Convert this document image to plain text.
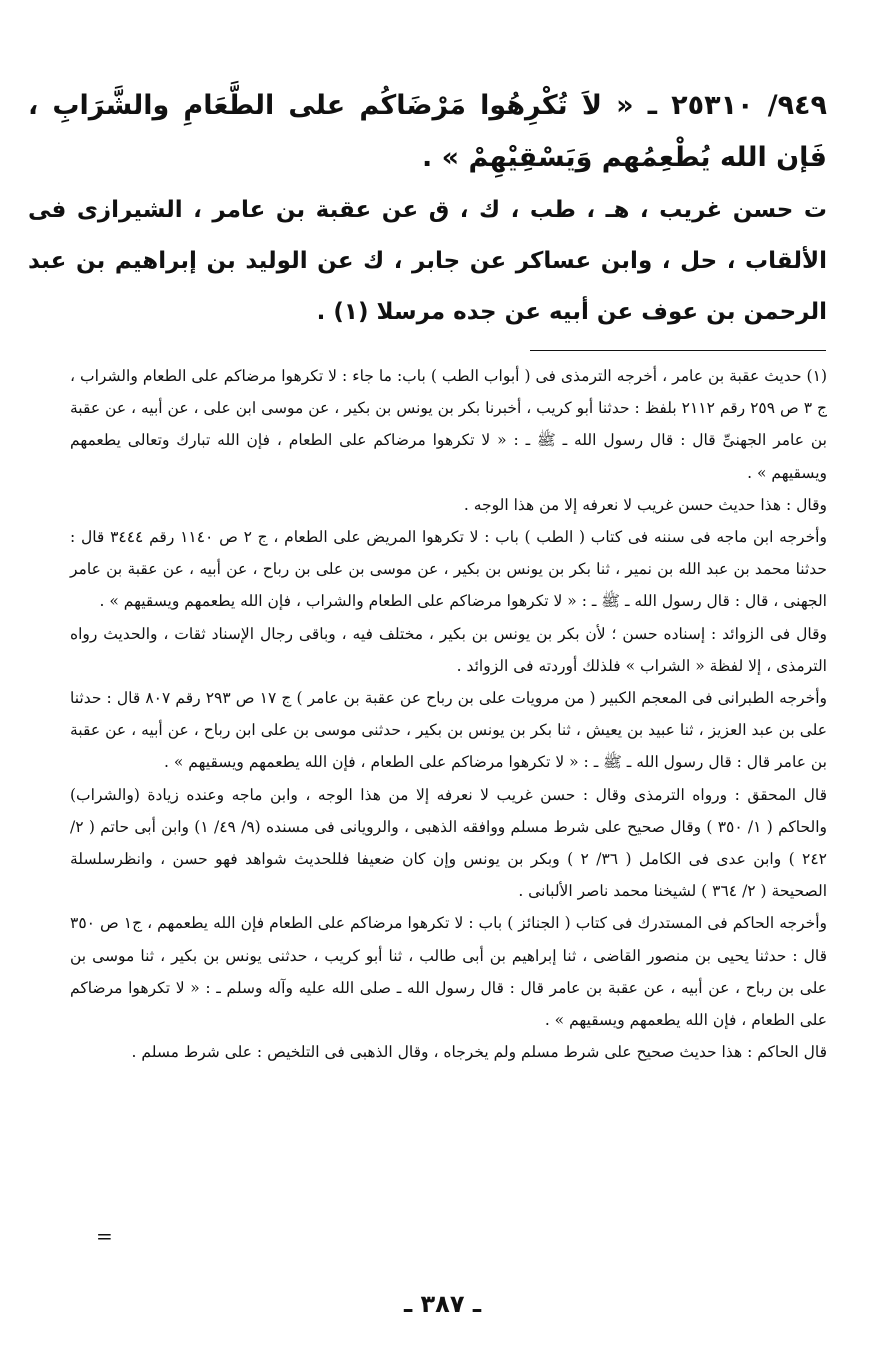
٩٤٩/ ٢٥٣١٠ ـ « لاَ تُكْرِهُوا مَرْضَاكُم على الطَّعَامِ والشَّرَابِ ، فَإن الله يُطْعِمُهم وَيَسْقِيْهِمْ » .
ت حسن غريب ، هـ ، طب ، ك ، ق عن عقبة بن عامر ، الشيرازى فى الألقاب ، حل ، وابن عساكر عن جابر ، ك عن الوليد بن إبراهيم بن عبد الرحمن بن عوف عن أبيه عن جده مرسلا (١) .

(١) حديث عقبة بن عامر ، أخرجه الترمذى فى ( أبواب الطب ) باب: ما جاء : لا تكرهوا مرضاكم على الطعام والشراب ، ج ٣ ص ٢٥٩ رقم ٢١١٢ بلفظ : حدثنا أبو كريب ، أخبرنا بكر بن يونس بن بكير ، عن موسى ابن على ، عن أبيه ، عن عقبة بن عامر الجهنىِّ قال : قال رسول الله ـ ﷺ ـ : « لا تكرهوا مرضاكم على الطعام ، فإن الله تبارك وتعالى يطعمهم ويسقيهم » .

وقال : هذا حديث حسن غريب لا نعرفه إلا من هذا الوجه .

وأخرجه ابن ماجه فى سننه فى كتاب ( الطب ) باب : لا تكرهوا المريض على الطعام ، ج ٢ ص ١١٤٠ رقم ٣٤٤٤ قال : حدثنا محمد بن عبد الله بن نمير ، ثنا بكر بن يونس بن بكير ، عن موسى بن على بن رباح ، عن أبيه ، عن عقبة بن عامر الجهنى ، قال : قال رسول الله ـ ﷺ ـ : « لا تكرهوا مرضاكم على الطعام والشراب ، فإن الله يطعمهم ويسقيهم » .

وقال فى الزوائد : إسناده حسن ؛ لأن بكر بن يونس بن بكير ، مختلف فيه ، وباقى رجال الإسناد ثقات ، والحديث رواه الترمذى ، إلا لفظة « الشراب » فلذلك أوردته فى الزوائد .

وأخرجه الطبرانى فى المعجم الكبير ( من مرويات على بن رباح عن عقبة بن عامر ) ج ١٧ ص ٢٩٣ رقم ٨٠٧ قال : حدثنا على بن عبد العزيز ، ثنا عبيد بن يعيش ، ثنا بكر بن يونس بن بكير ، حدثنى موسى بن على ابن رباح ، عن أبيه ، عن عقبة بن عامر قال : قال رسول الله ـ ﷺ ـ : « لا تكرهوا مرضاكم على الطعام ، فإن الله يطعمهم ويسقيهم » .

قال المحقق : ورواه الترمذى وقال : حسن غريب لا نعرفه إلا من هذا الوجه ، وابن ماجه وعنده زيادة (والشراب) والحاكم ( ١/ ٣٥٠ ) وقال صحيح على شرط مسلم ووافقه الذهبى ، والرويانى فى مسنده (٩/ ٤٩/ ١) وابن أبى حاتم ( ٢/ ٢٤٢ ) وابن عدى فى الكامل ( ٣٦/ ٢ ) وبكر بن يونس وإن كان ضعيفا فللحديث شواهد فهو حسن ، وانظرسلسلة الصحيحة ( ٢/ ٣٦٤ ) لشيخنا محمد ناصر الألبانى .

وأخرجه الحاكم فى المستدرك فى كتاب ( الجنائز ) باب : لا تكرهوا مرضاكم على الطعام فإن الله يطعمهم ، ج١ ص ٣٥٠ قال : حدثنا يحيى بن منصور القاضى ، ثنا إبراهيم بن أبى طالب ، ثنا أبو كريب ، حدثنى يونس بن بكير ، ثنا موسى بن على بن رباح ، عن أبيه ، عن عقبة بن عامر قال : قال رسول الله ـ صلى الله عليه وآله وسلم ـ : « لا تكرهوا مرضاكم على الطعام ، فإن الله يطعمهم ويسقيهم » .

قال الحاكم : هذا حديث صحيح على شرط مسلم ولم يخرجاه ، وقال الذهبى فى التلخيص : على شرط مسلم .

=
ـ ٣٨٧ ـ
